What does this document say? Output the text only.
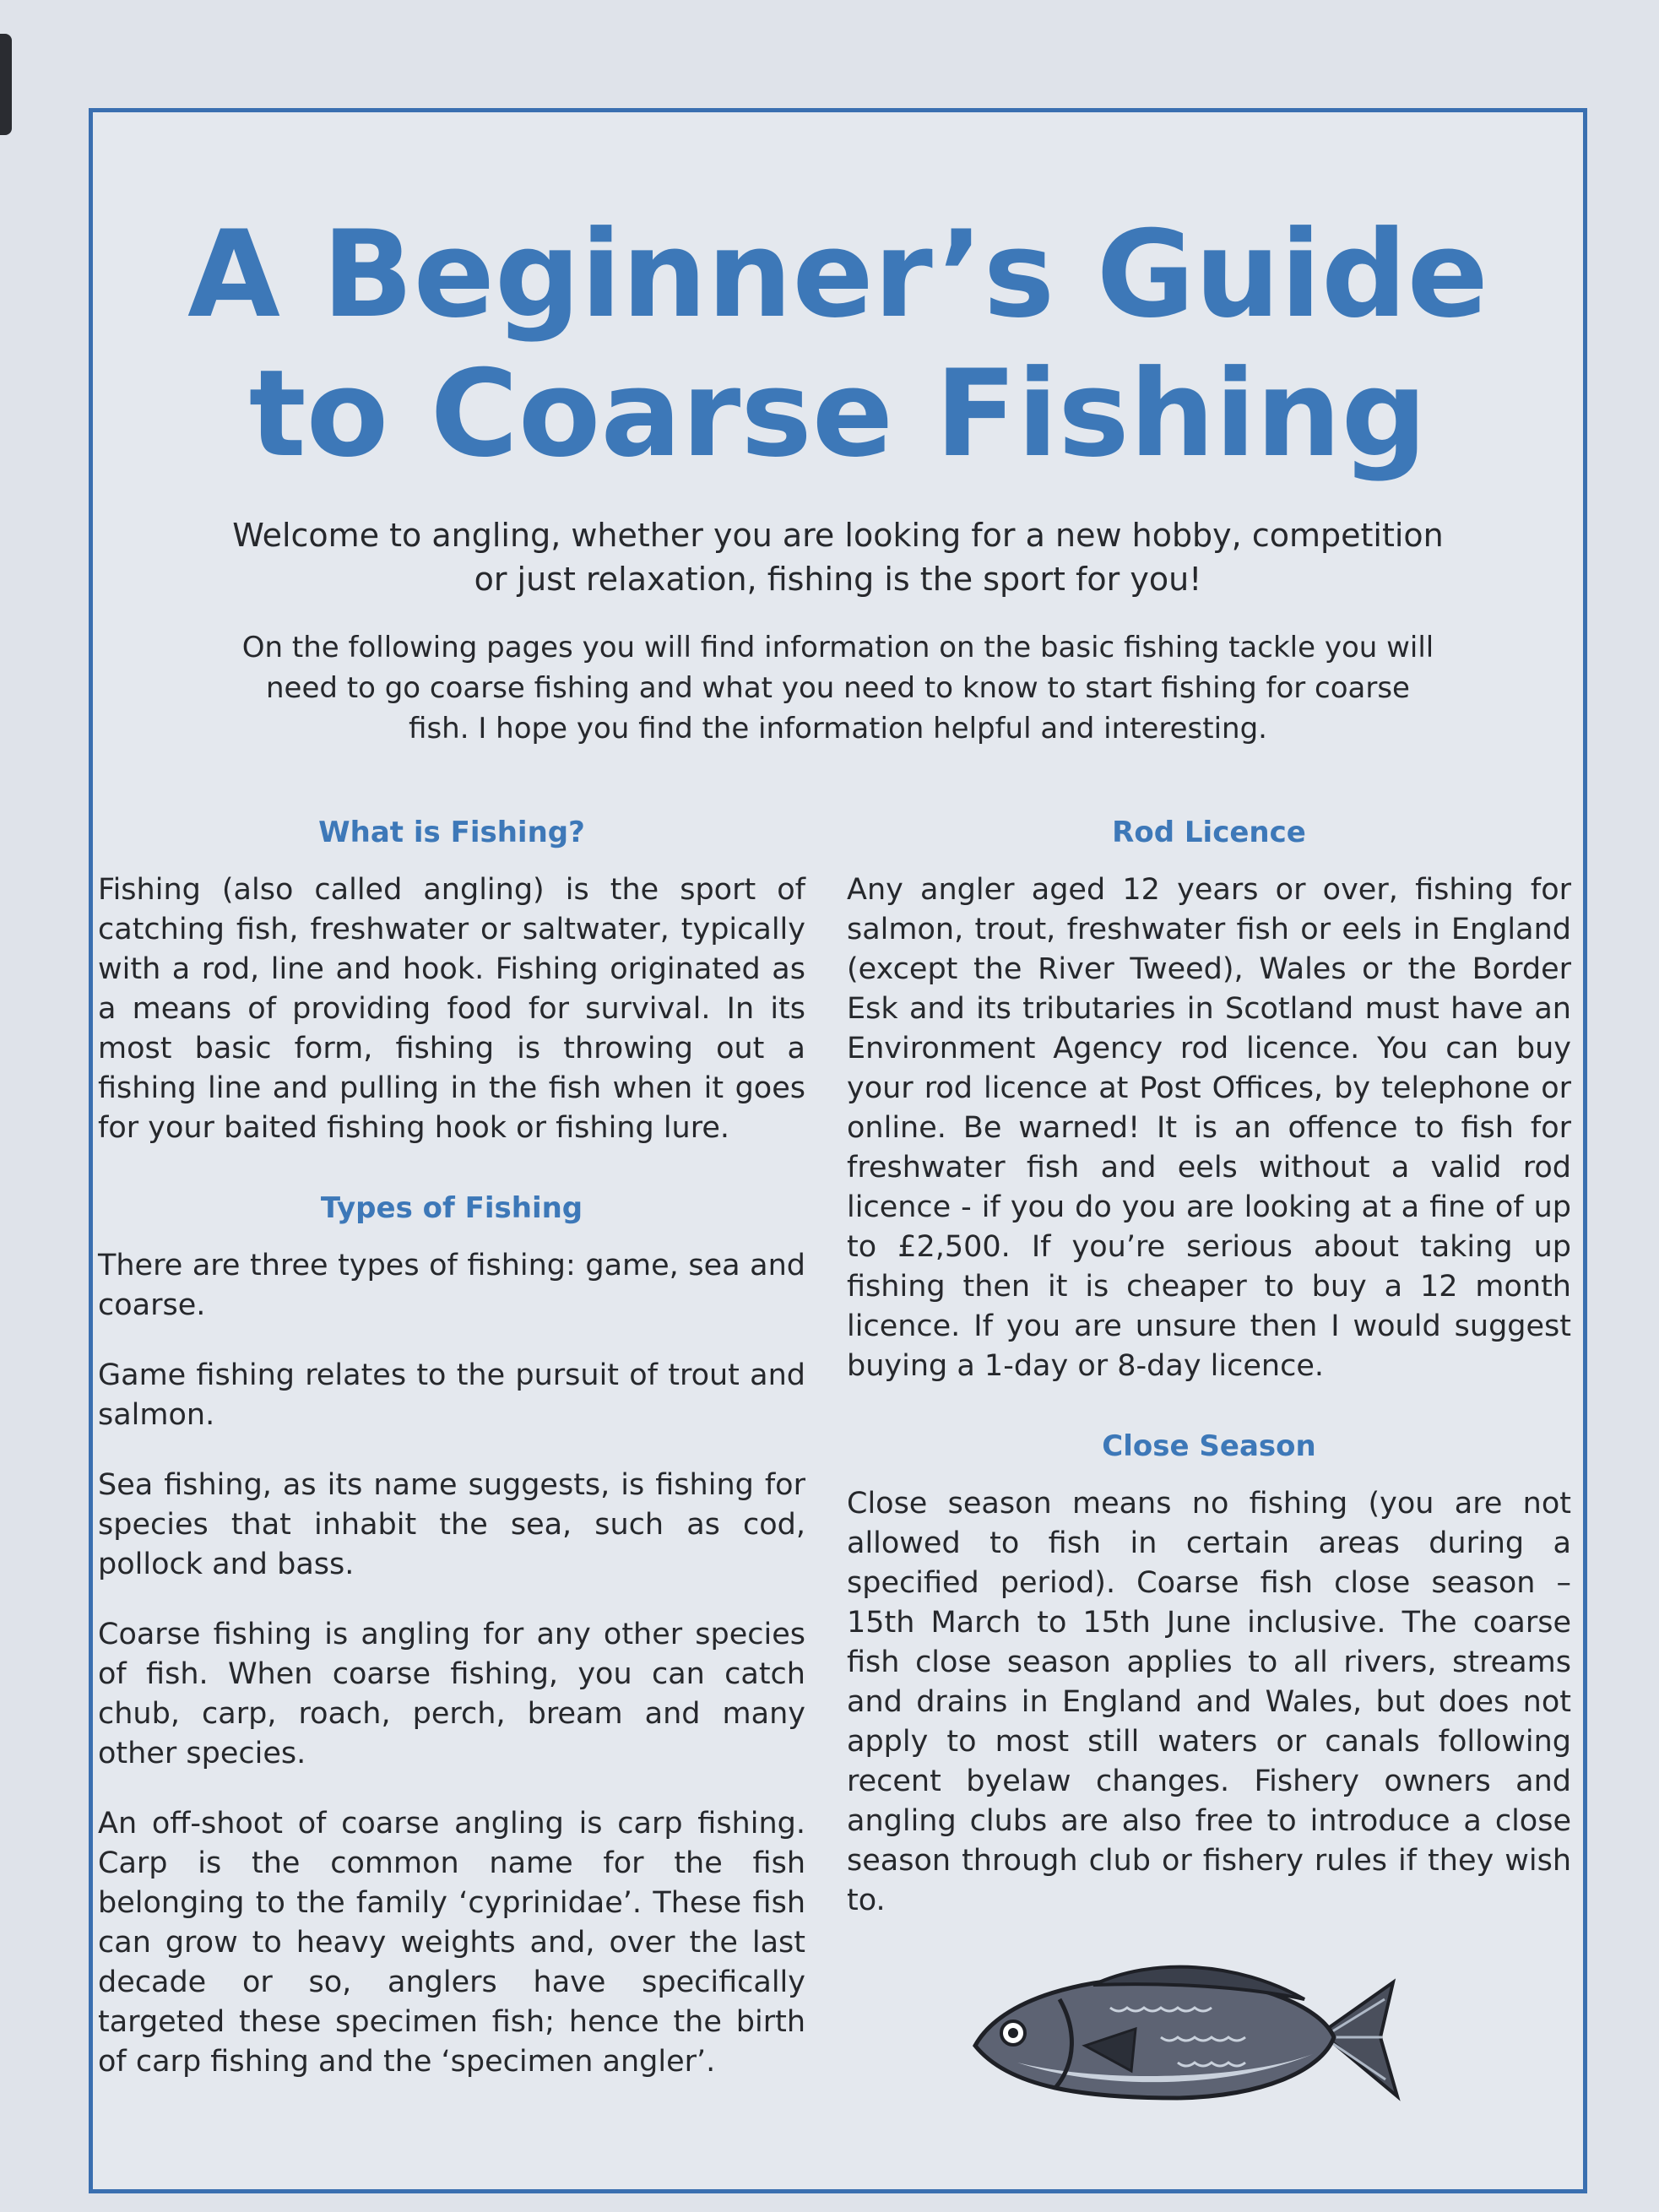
A Beginner’s Guide
to Coarse Fishing

Welcome to angling, whether you are looking for a new hobby, competition or just relaxation, fishing is the sport for you!

On the following pages you will find information on the basic fishing tackle you will need to go coarse fishing and what you need to know to start fishing for coarse fish. I hope you find the information helpful and interesting.

What is Fishing?

Fishing (also called angling) is the sport of catching fish, freshwater or saltwater, typically with a rod, line and hook. Fishing originated as a means of providing food for survival. In its most basic form, fishing is throwing out a fishing line and pulling in the fish when it goes for your baited fishing hook or fishing lure.

Types of Fishing

There are three types of fishing: game, sea and coarse.

Game fishing relates to the pursuit of trout and salmon.

Sea fishing, as its name suggests, is fishing for species that inhabit the sea, such as cod, pollock and bass.

Coarse fishing is angling for any other species of fish. When coarse fishing, you can catch chub, carp, roach, perch, bream and many other species.

An off-shoot of coarse angling is carp fishing. Carp is the common name for the fish belonging to the family ‘cyprinidae’. These fish can grow to heavy weights and, over the last decade or so, anglers have specifically targeted these specimen fish; hence the birth of carp fishing and the ‘specimen angler’.

Rod Licence

Any angler aged 12 years or over, fishing for salmon, trout, freshwater fish or eels in England (except the River Tweed), Wales or the Border Esk and its tributaries in Scotland must have an Environment Agency rod licence. You can buy your rod licence at Post Offices, by telephone or online. Be warned! It is an offence to fish for freshwater fish and eels without a valid rod licence - if you do you are looking at a fine of up to £2,500. If you’re serious about taking up fishing then it is cheaper to buy a 12 month licence. If you are unsure then I would suggest buying a 1-day or 8-day licence.

Close Season

Close season means no fishing (you are not allowed to fish in certain areas during a specified period). Coarse fish close season – 15th March to 15th June inclusive. The coarse fish close season applies to all rivers, streams and drains in England and Wales, but does not apply to most still waters or canals following recent byelaw changes. Fishery owners and angling clubs are also free to introduce a close season through club or fishery rules if they wish to.
